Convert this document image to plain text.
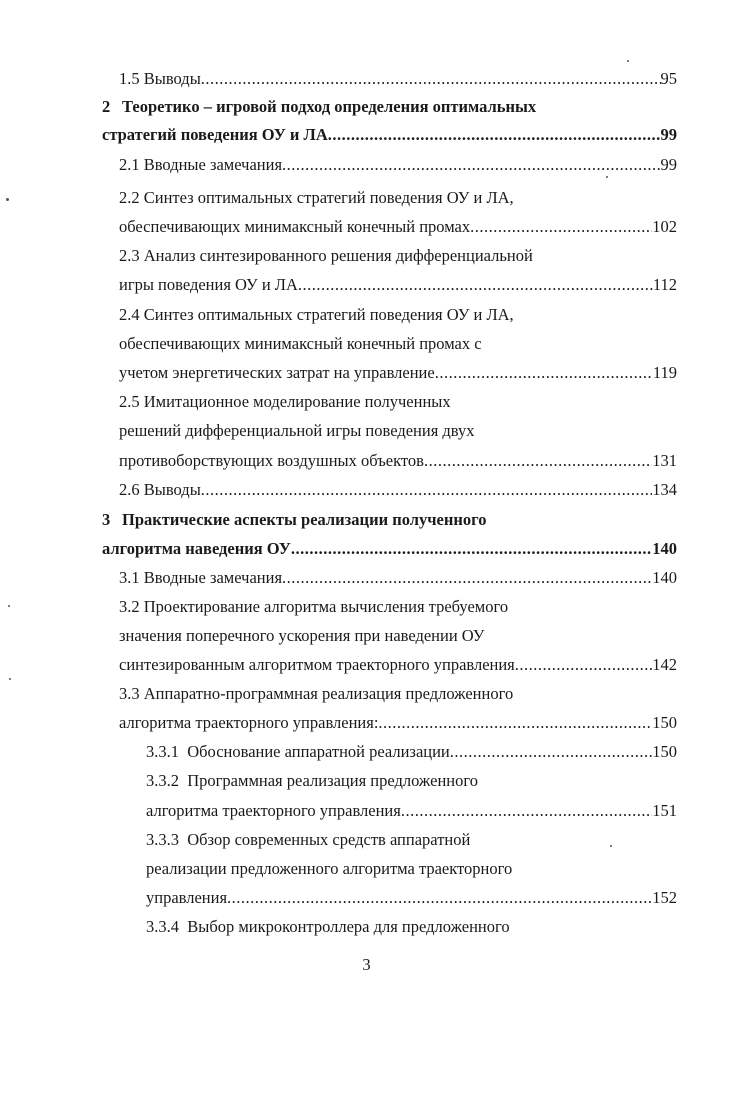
1.5 Выводы .....	95
2 Теоретико – игровой подход определения оптимальных
стратегий поведения ОУ и ЛА .....	99
2.1 Вводные замечания .....	99
2.2 Синтез оптимальных стратегий поведения ОУ и ЛА,
обеспечивающих минимаксный конечный промах .....	102
2.3 Анализ синтезированного решения дифференциальной
игры поведения ОУ и ЛА .....	112
2.4 Синтез оптимальных стратегий поведения ОУ и ЛА,
обеспечивающих минимаксный конечный промах с
учетом энергетических затрат на управление .....	119
2.5 Имитационное моделирование полученных
решений дифференциальной игры поведения двух
противоборствующих воздушных объектов .....	131
2.6 Выводы .....	134
3 Практические аспекты реализации полученного
алгоритма наведения ОУ .....	140
3.1 Вводные замечания .....	140
3.2 Проектирование алгоритма вычисления требуемого
значения поперечного ускорения при наведении ОУ
синтезированным алгоритмом траекторного управления .....	142
3.3 Аппаратно-программная реализация предложенного
алгоритма траекторного управления: .....	150
3.3.1  Обоснование аппаратной реализации .....	150
3.3.2  Программная реализация предложенного
алгоритма траекторного управления .....	151
3.3.3  Обзор современных средств аппаратной
реализации предложенного алгоритма траекторного
управления .....	152
3.3.4  Выбор микроконтроллера для предложенного
3
